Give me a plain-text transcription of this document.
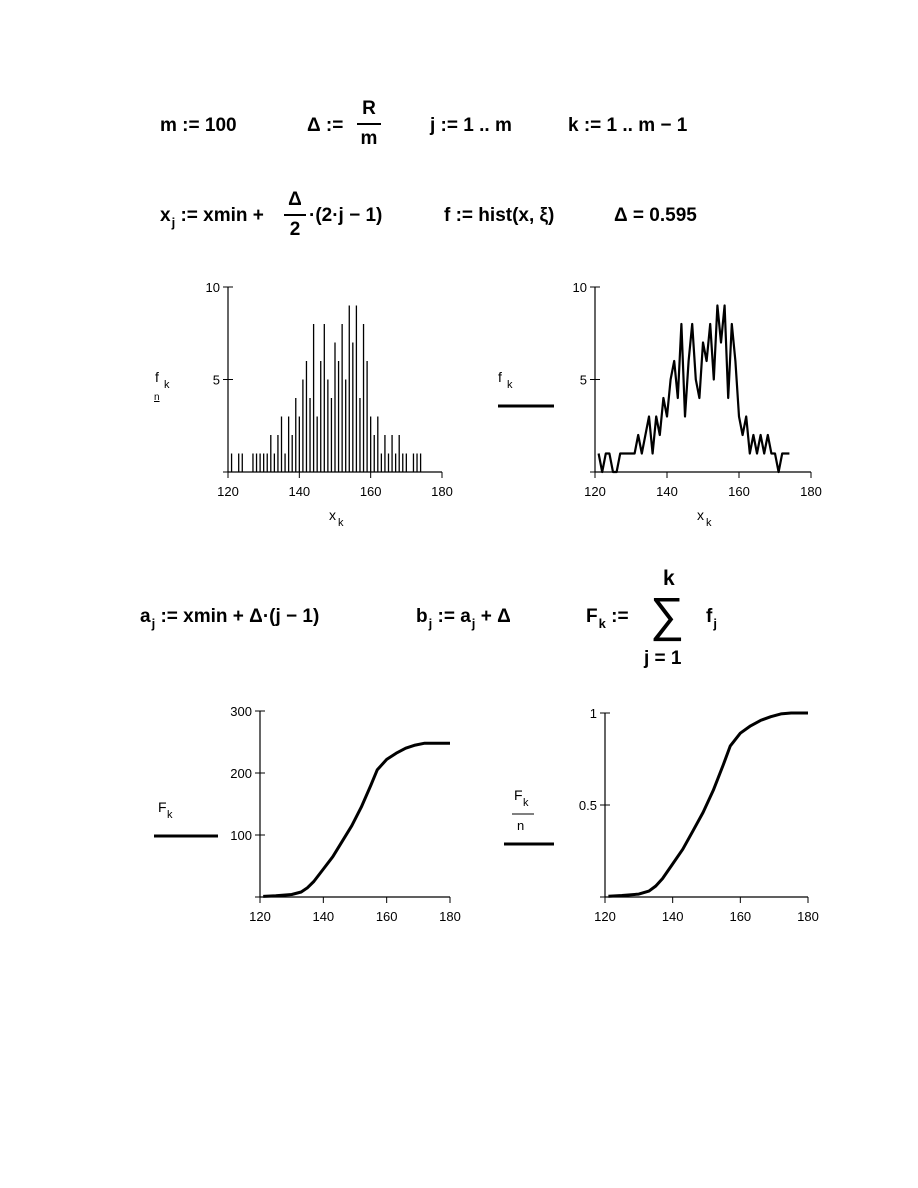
m := 100	Δ :=
R
m
j := 1 .. m	k := 1 .. m − 1
$x_j$ := xmin +
Δ
2
·(2·j − 1)	f := hist(x, ξ)	Δ = 0.595
120	140	160	180
5
10
f k
n
x k
120	140	160	180
5
10
f k
x k
$a_j$ := xmin + Δ·(j − 1)	$b_j$ := $a_j + \Delta$	$F_k$ :=
k
∑
j = 1
$f_j$
120	140	160	180
100
200
300
F k
120	140	160	180
0.5
1
F k
n
